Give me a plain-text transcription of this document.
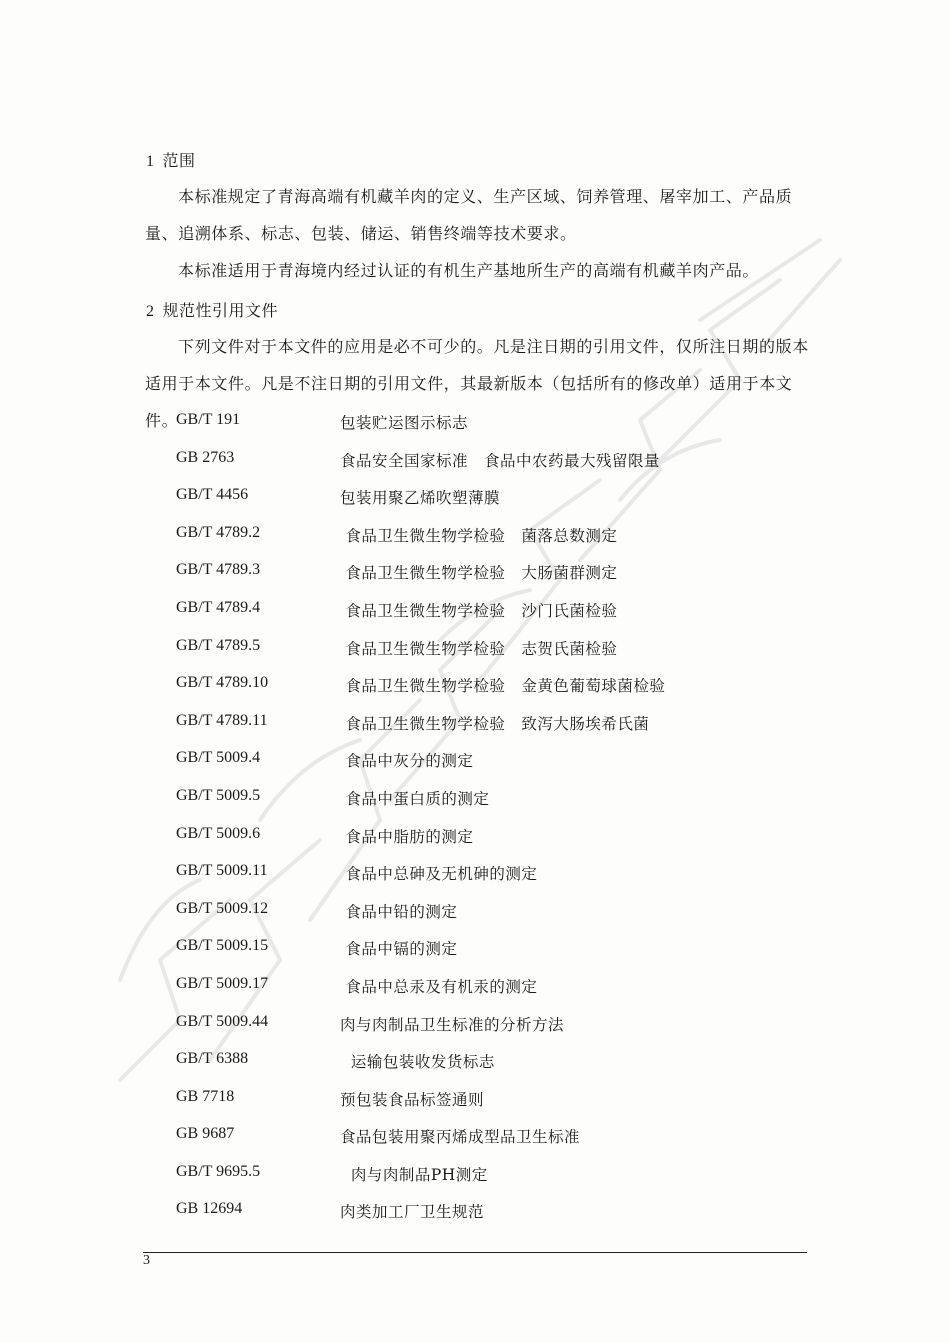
1 范围

本标准规定了青海高端有机藏羊肉的定义、生产区域、饲养管理、屠宰加工、产品质量、追溯体系、标志、包装、储运、销售终端等技术要求。

本标准适用于青海境内经过认证的有机生产基地所生产的高端有机藏羊肉产品。

2 规范性引用文件

下列文件对于本文件的应用是必不可少的。凡是注日期的引用文件，仅所注日期的版本适用于本文件。凡是不注日期的引用文件，其最新版本（包括所有的修改单）适用于本文件。

GB/T 191	包装贮运图示标志
GB 2763	食品安全国家标准　食品中农药最大残留限量
GB/T 4456	包装用聚乙烯吹塑薄膜
GB/T 4789.2	食品卫生微生物学检验　菌落总数测定
GB/T 4789.3	食品卫生微生物学检验　大肠菌群测定
GB/T 4789.4	食品卫生微生物学检验　沙门氏菌检验
GB/T 4789.5	食品卫生微生物学检验　志贺氏菌检验
GB/T 4789.10	食品卫生微生物学检验　金黄色葡萄球菌检验
GB/T 4789.11	食品卫生微生物学检验　致泻大肠埃希氏菌
GB/T 5009.4	食品中灰分的测定
GB/T 5009.5	食品中蛋白质的测定
GB/T 5009.6	食品中脂肪的测定
GB/T 5009.11	食品中总砷及无机砷的测定
GB/T 5009.12	食品中铅的测定
GB/T 5009.15	食品中镉的测定
GB/T 5009.17	食品中总汞及有机汞的测定
GB/T 5009.44	肉与肉制品卫生标准的分析方法
GB/T 6388	运输包装收发货标志
GB 7718	预包装食品标签通则
GB 9687	食品包装用聚丙烯成型品卫生标准
GB/T 9695.5	肉与肉制品PH测定
GB 12694	肉类加工厂卫生规范
3
